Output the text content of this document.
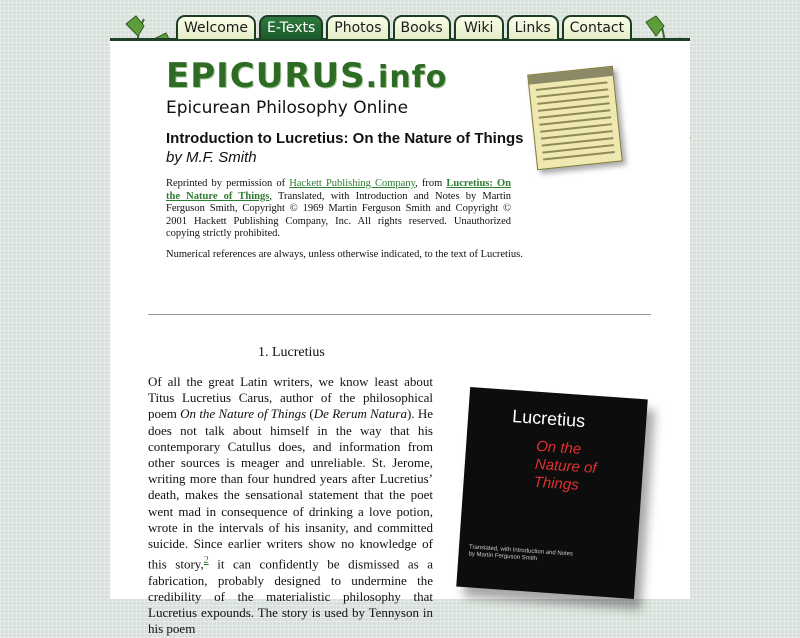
Welcome	E-Texts	Photos	Books	Wiki	Links	Contact
EPICURUS.info
Epicurean Philosophy Online
Introduction to Lucretius: On the Nature of Things
by M.F. Smith
Reprinted by permission of Hackett Publishing Company, from Lucretius: On the Nature of Things, Translated, with Introduction and Notes by Martin Ferguson Smith, Copyright © 1969 Martin Ferguson Smith and Copyright © 2001 Hackett Publishing Company, Inc. All rights reserved. Unauthorized copying strictly prohibited.
Numerical references are always, unless otherwise indicated, to the text of Lucretius.
1. Lucretius
Of all the great Latin writers, we know least about Titus Lucretius Carus, author of the philosophical poem On the Nature of Things (De Rerum Natura). He does not talk about himself in the way that his contemporary Catullus does, and information from other sources is meager and unreliable. St. Jerome, writing more than four hundred years after Lucretius’ death, makes the sensational statement that the poet went mad in consequence of drinking a love potion, wrote in the intervals of his insanity, and committed suicide. Since earlier writers show no knowledge of this story,$^2$ it can confidently be dismissed as a fabrication, probably designed to undermine the credibility of the materialistic philosophy that Lucretius expounds. The story is used by Tennyson in his poem
Lucretius
On the
Nature of
Things
Translated, with Introduction and Notes by Martin Ferguson Smith
